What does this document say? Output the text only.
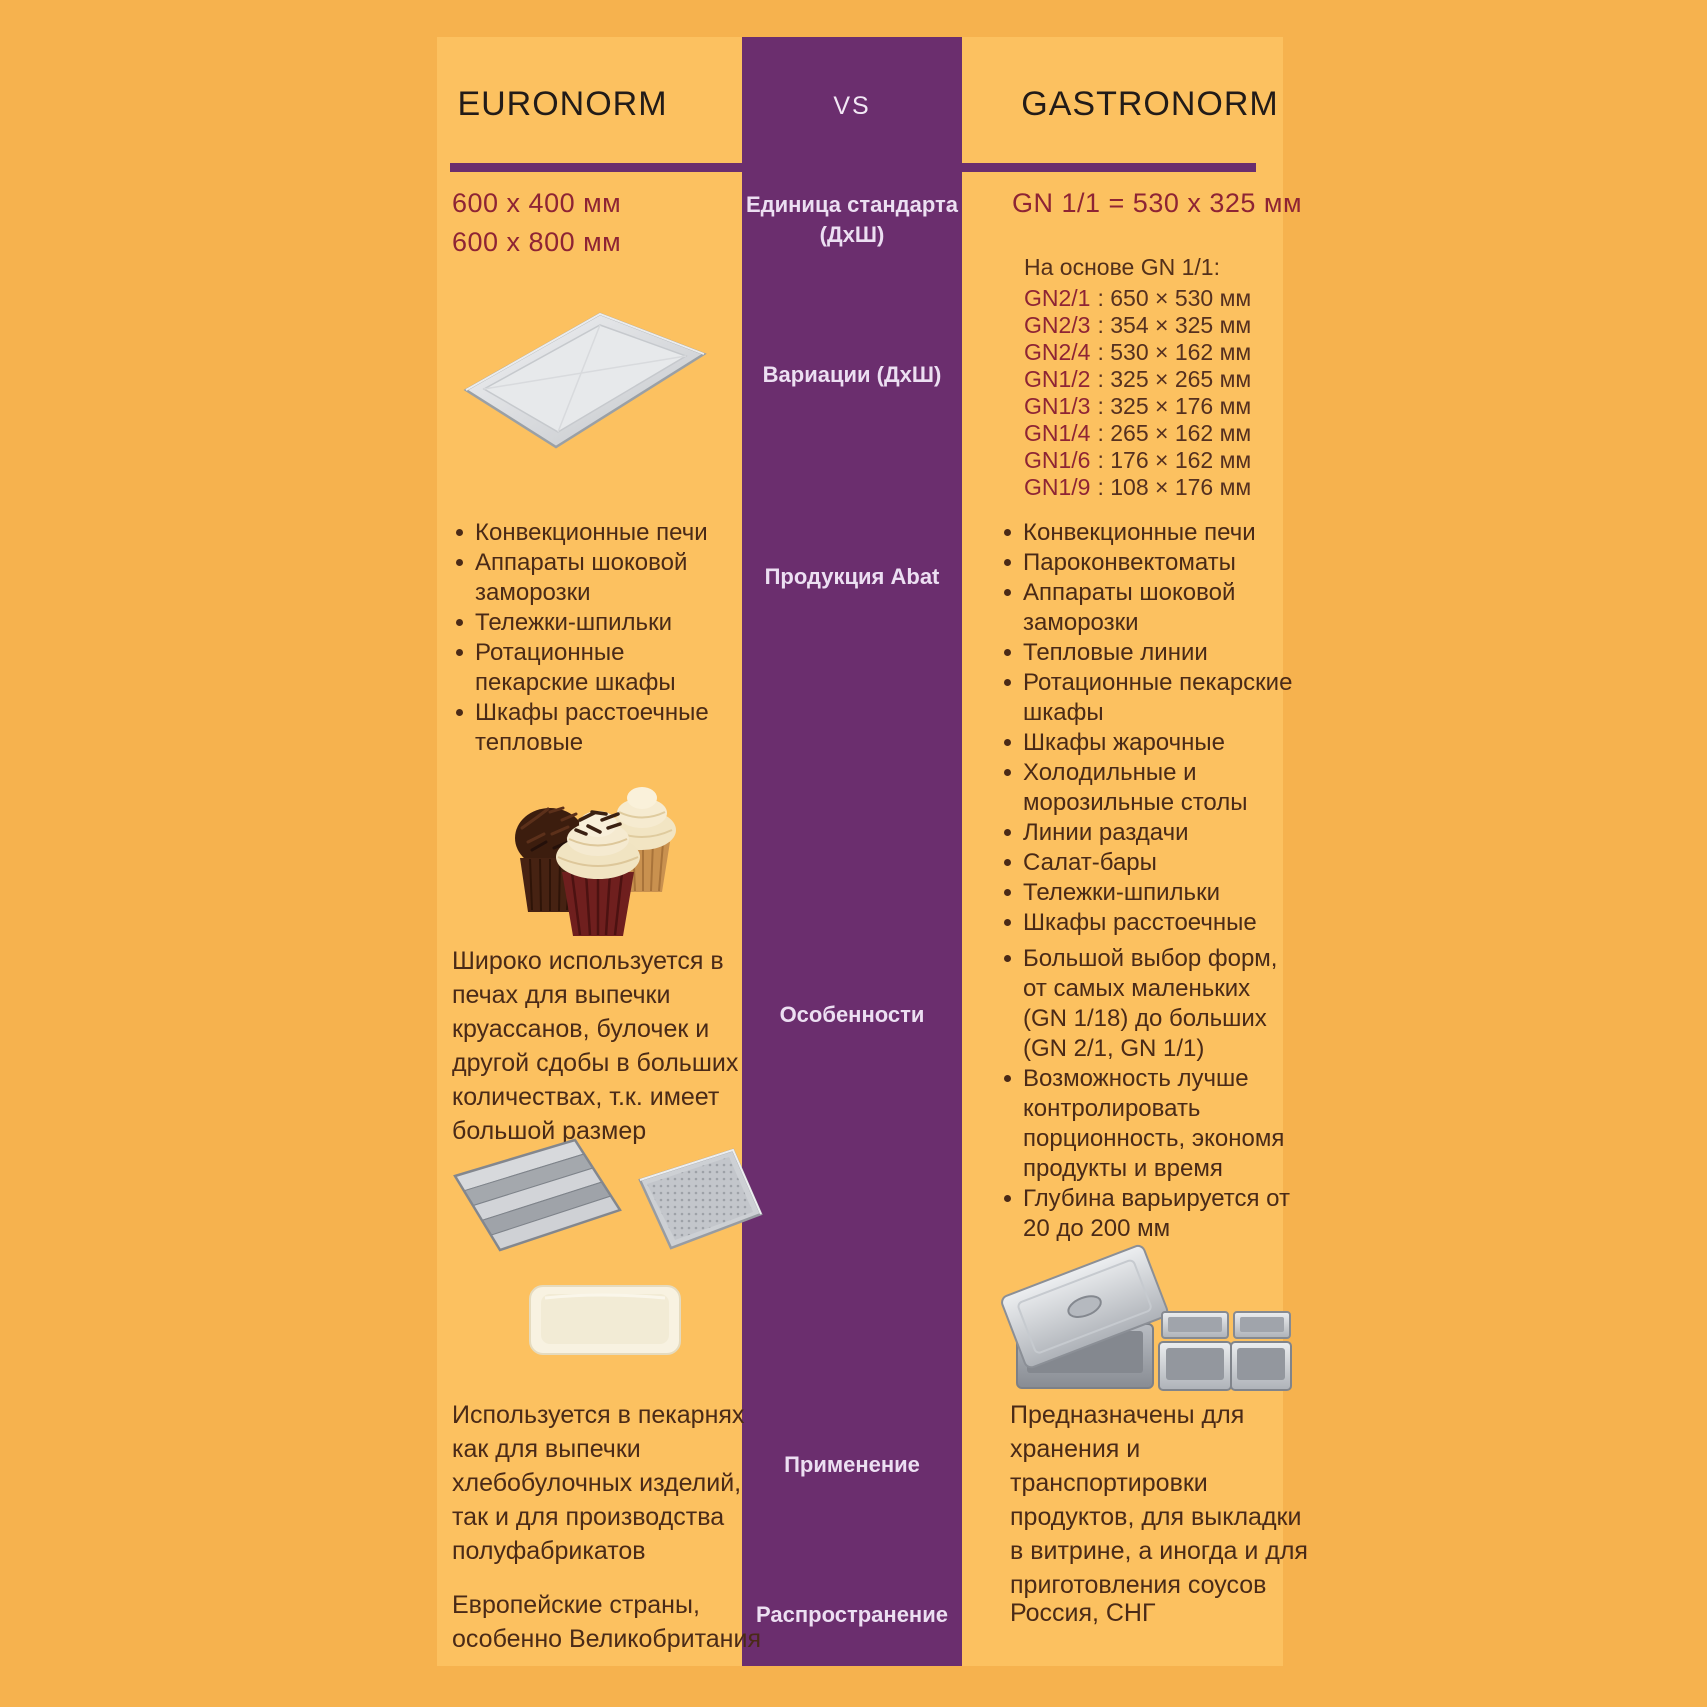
EURONORM	VS	GASTRONORM
Единица стандарта (ДхШ)
Вариации (ДхШ)
Продукция Abat
Особенности
Применение
Распространение
600 x 400 мм
600 x 800 мм
GN 1/1 = 530 x 325 мм
На основе GN 1/1:
GN2/1 : 650 × 530 мм
GN2/3 : 354 × 325 мм
GN2/4 : 530 × 162 мм
GN1/2 : 325 × 265 мм
GN1/3 : 325 × 176 мм
GN1/4 : 265 × 162 мм
GN1/6 : 176 × 162 мм
GN1/9 : 108 × 176 мм
Конвекционные печи
Аппараты шоковой заморозки
Тележки-шпильки
Ротационные пекарские шкафы
Шкафы расстоечные тепловые
Конвекционные печи
Пароконвектоматы
Аппараты шоковой заморозки
Тепловые линии
Ротационные пекарские шкафы
Шкафы жарочные
Холодильные и морозильные столы
Линии раздачи
Салат-бары
Тележки-шпильки
Шкафы расстоечные
Широко используется в печах для выпечки круассанов, булочек и другой сдобы в больших количествах, т.к. имеет большой размер
Большой выбор форм, от самых маленьких (GN 1/18) до больших (GN 2/1, GN 1/1)
Возможность лучше контролировать порционность, экономя продукты и время
Глубина варьируется от 20 до 200 мм
Используется в пекарнях как для выпечки хлебобулочных изделий, так и для производства полуфабрикатов
Предназначены для хранения и транспортировки продуктов, для выкладки в витрине, а иногда и для приготовления соусов
Европейские страны, особенно Великобритания
Россия, СНГ
